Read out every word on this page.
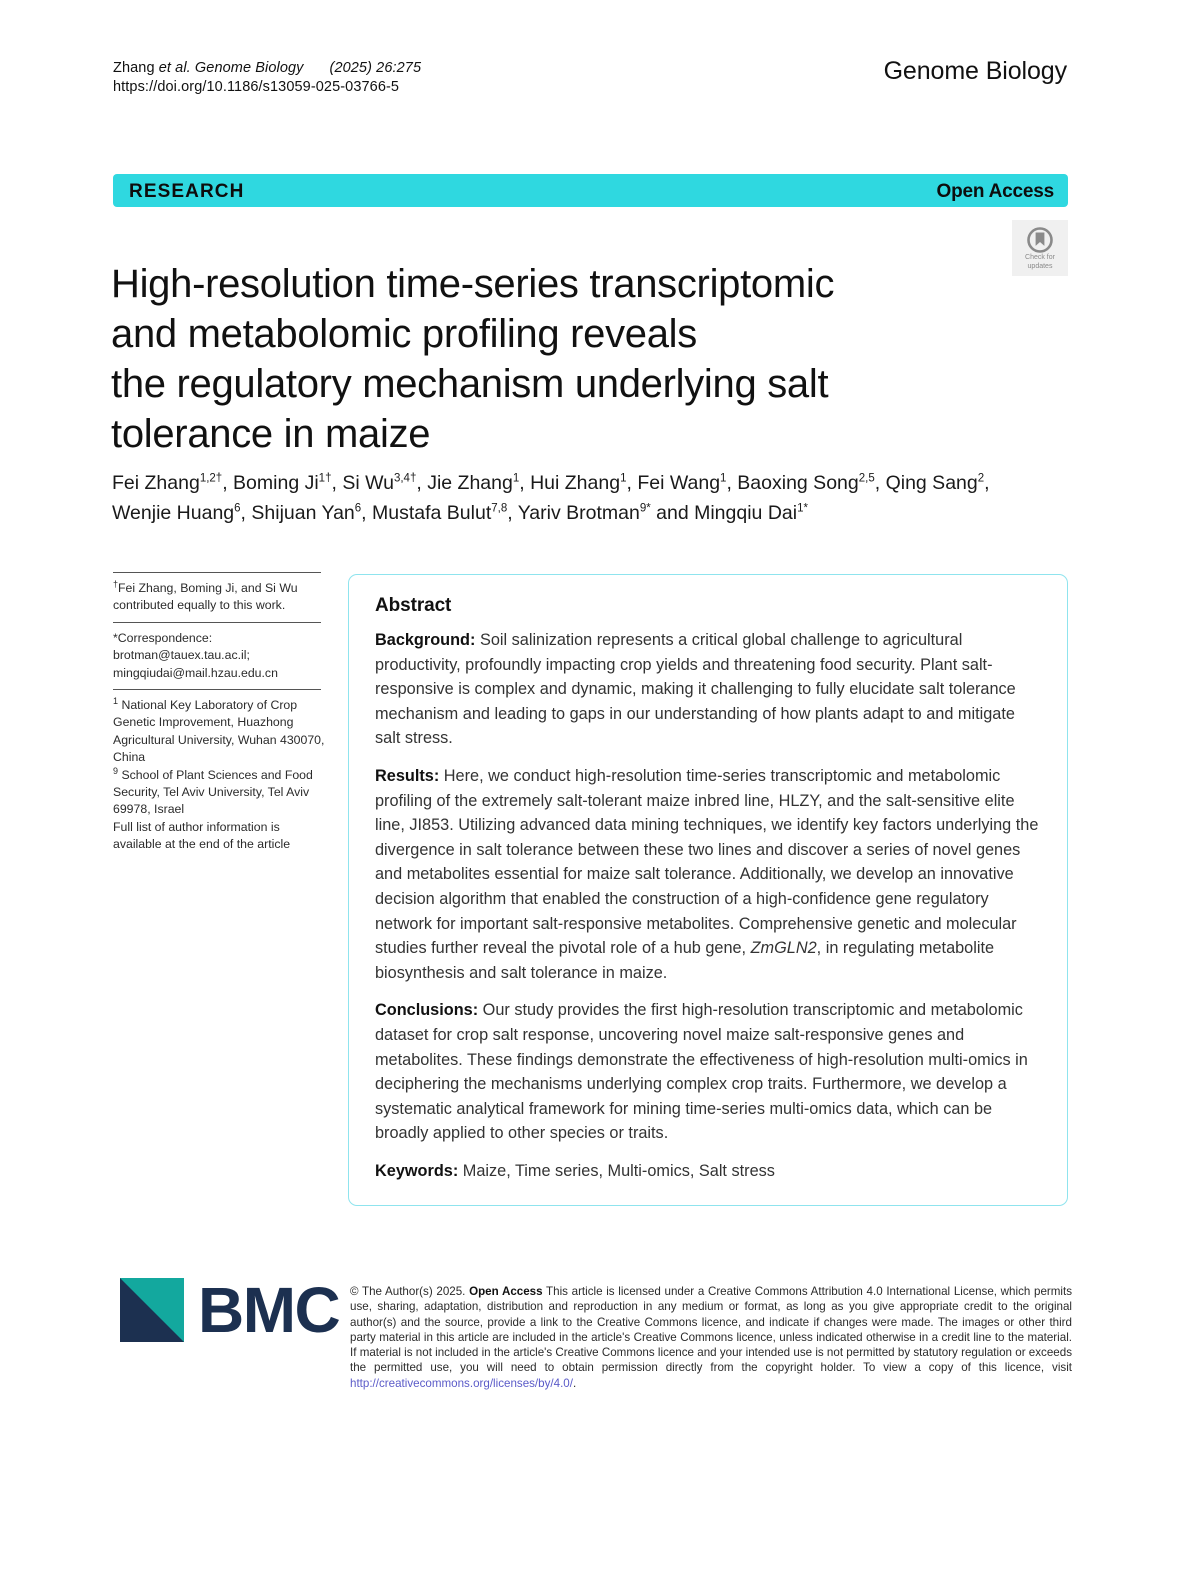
Zhang et al. Genome Biology (2025) 26:275
https://doi.org/10.1186/s13059-025-03766-5
Genome Biology
RESEARCH	Open Access
Check for
updates
High-resolution time-series transcriptomic
and metabolomic profiling reveals
the regulatory mechanism underlying salt
tolerance in maize
Fei Zhang$^{1,2\dagger}$, Boming $Ji^{1\dagger}$, Si $Wu^{3,4\dagger}$, Jie Zhang$^1$, Hui Zhang$^1$, Fei Wang$^1$, Baoxing Song$^{2,5}$, Qing Sang$^2$, Wenjie Huang$^6$, Shijuan Yan$^6$, Mustafa Bulut$^{7,8}$, Yariv Brotman$^{9*}$ and Mingqiu Dai$^{1*}$
†Fei Zhang, Boming Ji, and Si Wu contributed equally to this work.
*Correspondence:
brotman@tauex.tau.ac.il; mingqiudai@mail.hzau.edu.cn
$^1$ National Key Laboratory of Crop Genetic Improvement, Huazhong Agricultural University, Wuhan 430070, China
$^9$ School of Plant Sciences and Food Security, Tel Aviv University, Tel Aviv 69978, Israel
Full list of author information is available at the end of the article
Abstract

Background: Soil salinization represents a critical global challenge to agricultural productivity, profoundly impacting crop yields and threatening food security. Plant salt-responsive is complex and dynamic, making it challenging to fully elucidate salt tolerance mechanism and leading to gaps in our understanding of how plants adapt to and mitigate salt stress.

Results: Here, we conduct high-resolution time-series transcriptomic and metabolomic profiling of the extremely salt-tolerant maize inbred line, HLZY, and the salt-sensitive elite line, JI853. Utilizing advanced data mining techniques, we identify key factors underlying the divergence in salt tolerance between these two lines and discover a series of novel genes and metabolites essential for maize salt tolerance. Additionally, we develop an innovative decision algorithm that enabled the construction of a high-confidence gene regulatory network for important salt-responsive metabolites. Comprehensive genetic and molecular studies further reveal the pivotal role of a hub gene, ZmGLN2, in regulating metabolite biosynthesis and salt tolerance in maize.

Conclusions: Our study provides the first high-resolution transcriptomic and metabolomic dataset for crop salt response, uncovering novel maize salt-responsive genes and metabolites. These findings demonstrate the effectiveness of high-resolution multi-omics in deciphering the mechanisms underlying complex crop traits. Furthermore, we develop a systematic analytical framework for mining time-series multi-omics data, which can be broadly applied to other species or traits.

Keywords: Maize, Time series, Multi-omics, Salt stress

BMC © The Author(s) 2025. Open Access This article is licensed under a Creative Commons Attribution 4.0 International License, which permits use, sharing, adaptation, distribution and reproduction in any medium or format, as long as you give appropriate credit to the original author(s) and the source, provide a link to the Creative Commons licence, and indicate if changes were made. The images or other third party material in this article are included in the article's Creative Commons licence, unless indicated otherwise in a credit line to the material. If material is not included in the article's Creative Commons licence and your intended use is not permitted by statutory regulation or exceeds the permitted use, you will need to obtain permission directly from the copyright holder. To view a copy of this licence, visit http://creativecommons.org/licenses/by/4.0/.
